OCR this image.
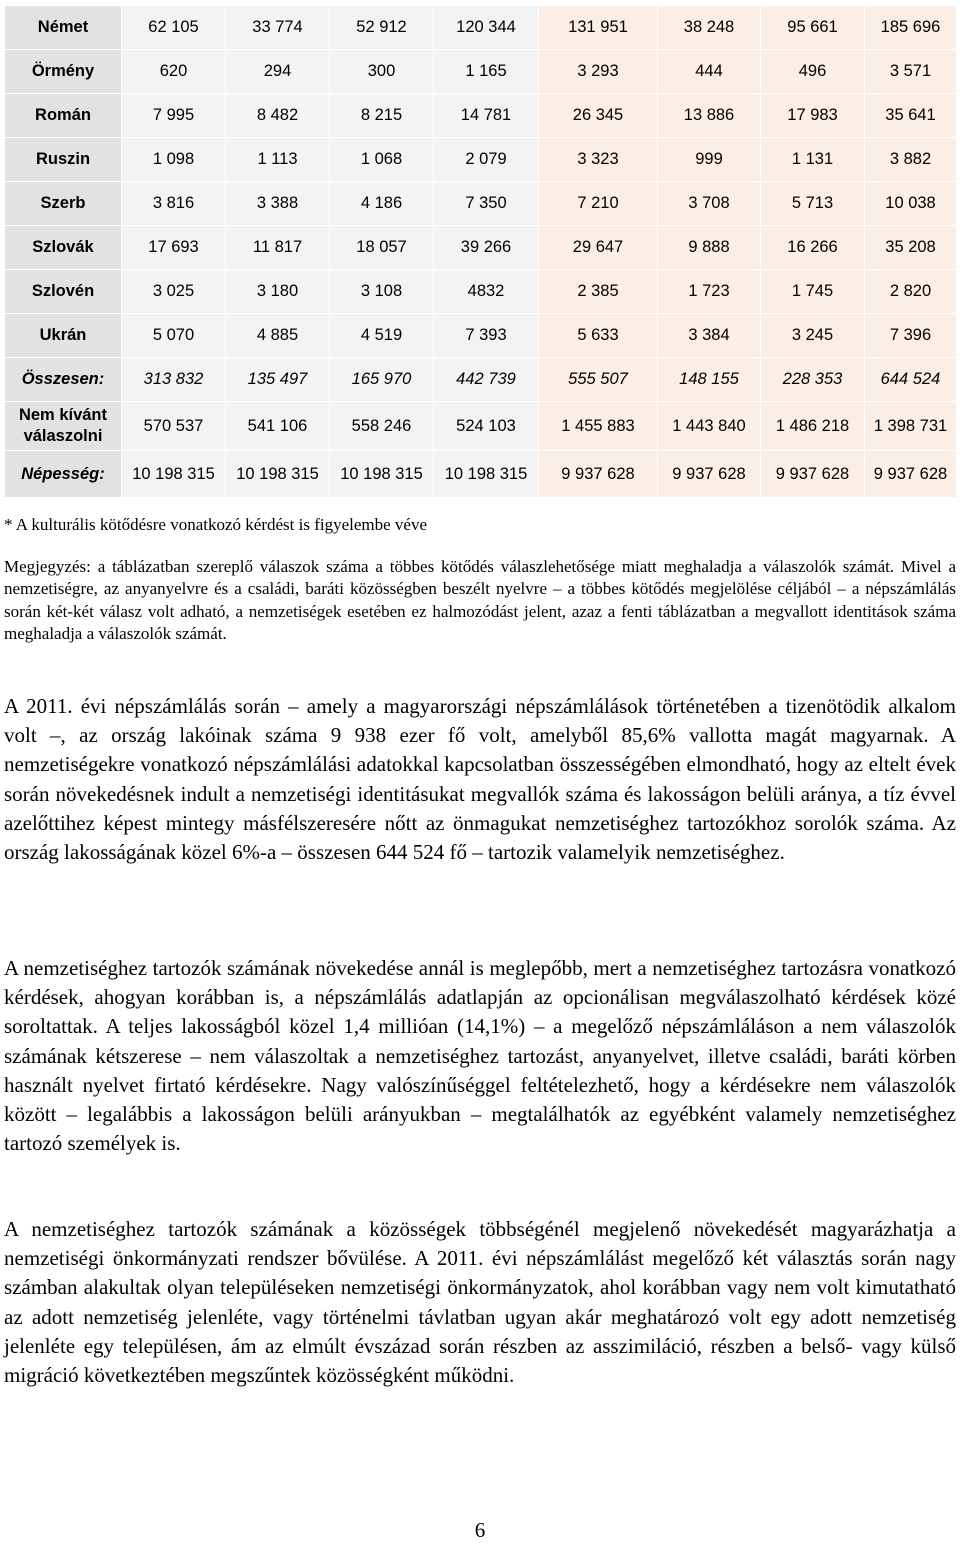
Német	62 105	33 774	52 912	120 344	131 951	38 248	95 661	185 696
Örmény	620	294	300	1 165	3 293	444	496	3 571
Román	7 995	8 482	8 215	14 781	26 345	13 886	17 983	35 641
Ruszin	1 098	1 113	1 068	2 079	3 323	999	1 131	3 882
Szerb	3 816	3 388	4 186	7 350	7 210	3 708	5 713	10 038
Szlovák	17 693	11 817	18 057	39 266	29 647	9 888	16 266	35 208
Szlovén	3 025	3 180	3 108	4832	2 385	1 723	1 745	2 820
Ukrán	5 070	4 885	4 519	7 393	5 633	3 384	3 245	7 396
Összesen:	313 832	135 497	165 970	442 739	555 507	148 155	228 353	644 524
Nem kívánt válaszolni	570 537	541 106	558 246	524 103	1 455 883	1 443 840	1 486 218	1 398 731
Népesség:	10 198 315	10 198 315	10 198 315	10 198 315	9 937 628	9 937 628	9 937 628	9 937 628
* A kulturális kötődésre vonatkozó kérdést is figyelembe véve
Megjegyzés: a táblázatban szereplő válaszok száma a többes kötődés válaszlehetősége miatt meghaladja a válaszolók számát. Mivel a nemzetiségre, az anyanyelvre és a családi, baráti közösségben beszélt nyelvre – a többes kötődés megjelölése céljából – a népszámlálás során két-két válasz volt adható, a nemzetiségek esetében ez halmozódást jelent, azaz a fenti táblázatban a megvallott identitások száma meghaladja a válaszolók számát.

A 2011. évi népszámlálás során – amely a magyarországi népszámlálások történetében a tizenötödik alkalom volt –, az ország lakóinak száma 9 938 ezer fő volt, amelyből 85,6% vallotta magát magyarnak. A nemzetiségekre vonatkozó népszámlálási adatokkal kapcsolatban összességében elmondható, hogy az eltelt évek során növekedésnek indult a nemzetiségi identitásukat megvallók száma és lakosságon belüli aránya, a tíz évvel azelőttihez képest mintegy másfélszeresére nőtt az önmagukat nemzetiséghez tartozókhoz sorolók száma. Az ország lakosságának közel 6%-a – összesen 644 524 fő – tartozik valamelyik nemzetiséghez.

A nemzetiséghez tartozók számának növekedése annál is meglepőbb, mert a nemzetiséghez tartozásra vonatkozó kérdések, ahogyan korábban is, a népszámlálás adatlapján az opcionálisan megválaszolható kérdések közé soroltattak. A teljes lakosságból közel 1,4 millióan (14,1%) – a megelőző népszámláláson a nem válaszolók számának kétszerese – nem válaszoltak a nemzetiséghez tartozást, anyanyelvet, illetve családi, baráti körben használt nyelvet firtató kérdésekre. Nagy valószínűséggel feltételezhető, hogy a kérdésekre nem válaszolók között – legalábbis a lakosságon belüli arányukban – megtalálhatók az egyébként valamely nemzetiséghez tartozó személyek is.

A nemzetiséghez tartozók számának a közösségek többségénél megjelenő növekedését magyarázhatja a nemzetiségi önkormányzati rendszer bővülése. A 2011. évi népszámlálást megelőző két választás során nagy számban alakultak olyan településeken nemzetiségi önkormányzatok, ahol korábban vagy nem volt kimutatható az adott nemzetiség jelenléte, vagy történelmi távlatban ugyan akár meghatározó volt egy adott nemzetiség jelenléte egy településen, ám az elmúlt évszázad során részben az asszimiláció, részben a belső- vagy külső migráció következtében megszűntek közösségként működni.

6
